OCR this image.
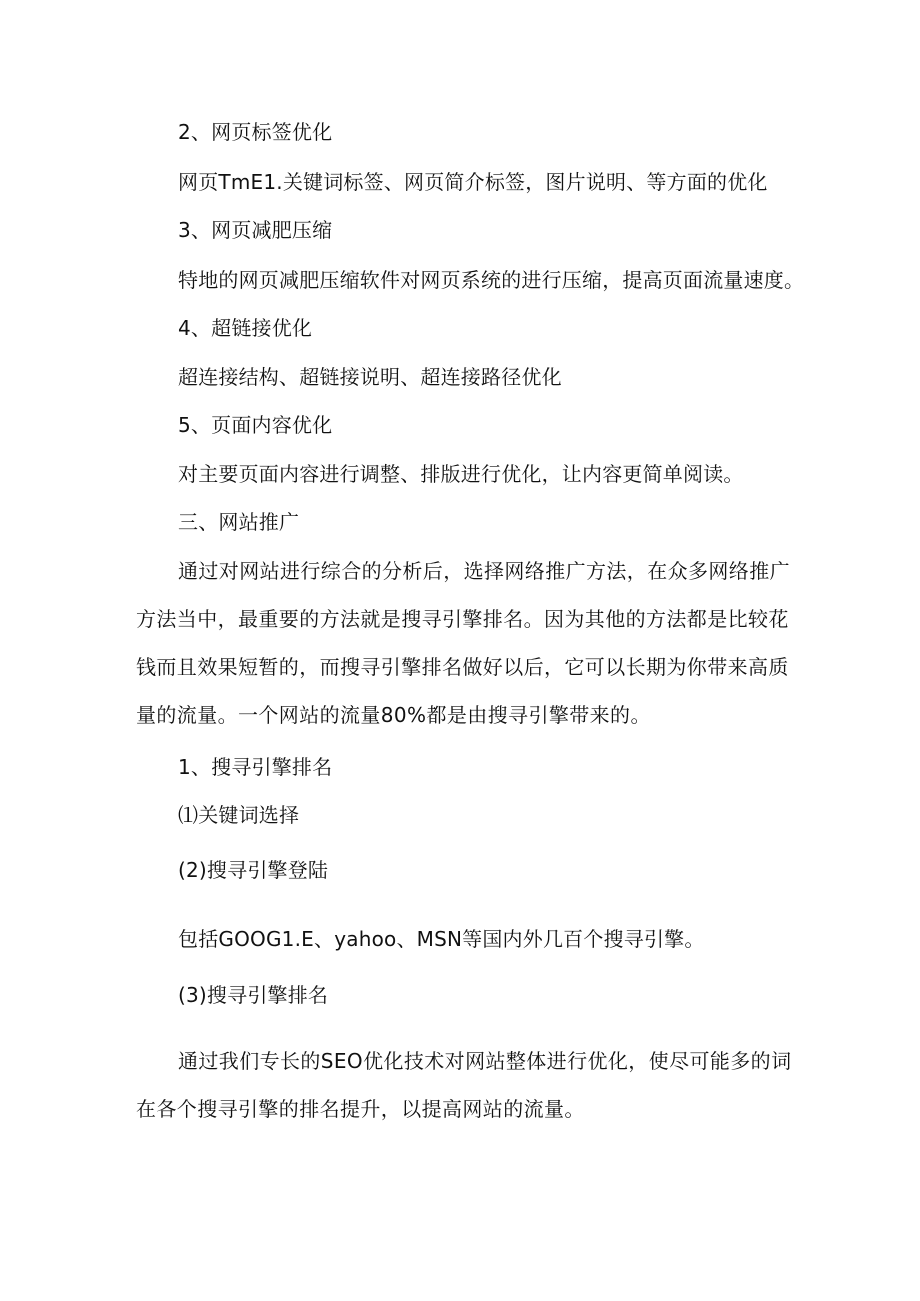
2、网页标签优化
网页TmE1.关键词标签、网页简介标签，图片说明、等方面的优化
3、网页减肥压缩
特地的网页减肥压缩软件对网页系统的进行压缩，提高页面流量速度。
4、超链接优化
超连接结构、超链接说明、超连接路径优化
5、页面内容优化
对主要页面内容进行调整、排版进行优化，让内容更简单阅读。
三、网站推广

通过对网站进行综合的分析后，选择网络推广方法，在众多网络推广方法当中，最重要的方法就是搜寻引擎排名。因为其他的方法都是比较花钱而且效果短暂的，而搜寻引擎排名做好以后，它可以长期为你带来高质量的流量。一个网站的流量80%都是由搜寻引擎带来的。

1、搜寻引擎排名
⑴关键词选择
(2)搜寻引擎登陆
包括GOOG1.E、yahoo、MSN等国内外几百个搜寻引擎。
(3)搜寻引擎排名

通过我们专长的SEO优化技术对网站整体进行优化，使尽可能多的词在各个搜寻引擎的排名提升，以提高网站的流量。
